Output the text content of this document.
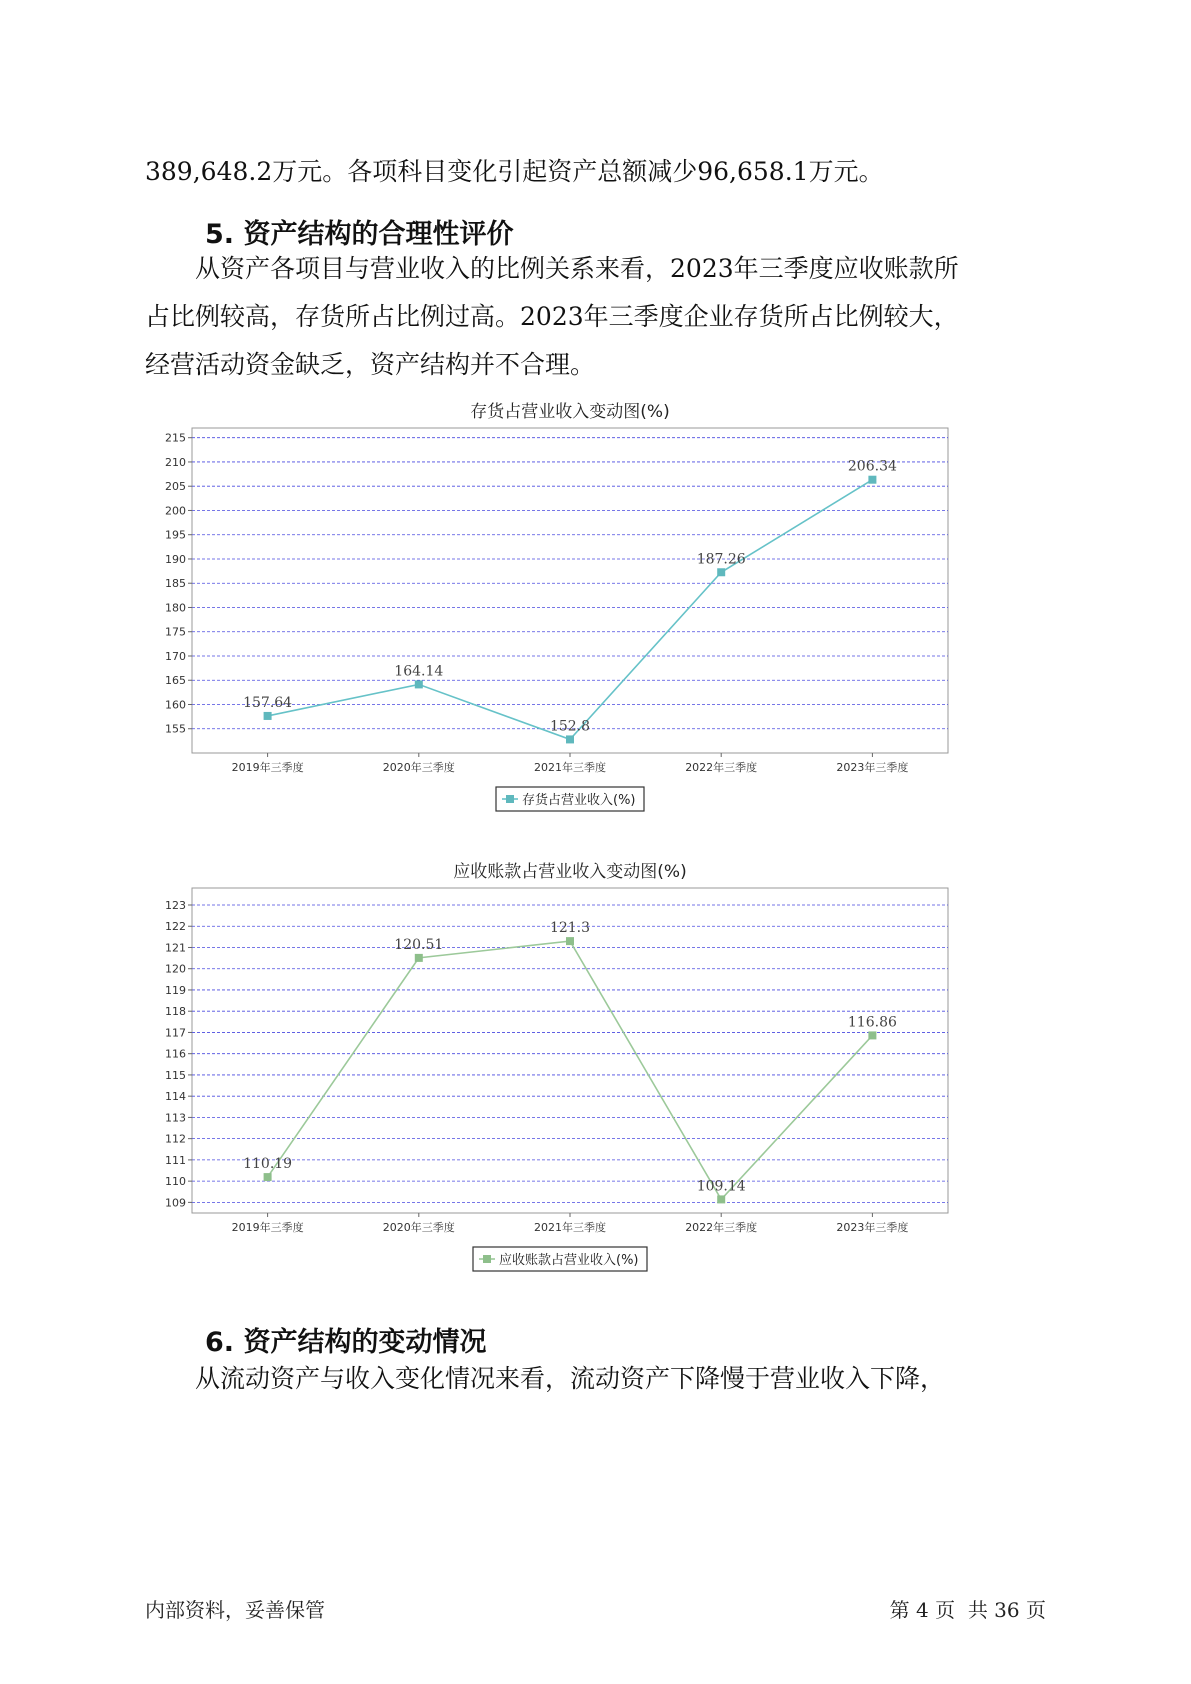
389,648.2万元。各项科目变化引起资产总额减少96,658.1万元。
5. 资产结构的合理性评价
从资产各项目与营业收入的比例关系来看，2023年三季度应收账款所
占比例较高，存货所占比例过高。2023年三季度企业存货所占比例较大，
经营活动资金缺乏，资产结构并不合理。
存货占营业收入变动图(%)
155
160
165
170
175
180
185
190
195
200
205
210
215
2019年三季度	2020年三季度	2021年三季度	2022年三季度	2023年三季度
157.64
164.14
152.8
187.26
206.34
存货占营业收入(%)
应收账款占营业收入变动图(%)
109
110
111
112
113
114
115
116
117
118
119
120
121
122
123
2019年三季度	2020年三季度	2021年三季度	2022年三季度	2023年三季度
110.19
120.51
121.3
109.14
116.86
应收账款占营业收入(%)
6. 资产结构的变动情况
从流动资产与收入变化情况来看，流动资产下降慢于营业收入下降，
内部资料，妥善保管	第 4 页  共 36 页
